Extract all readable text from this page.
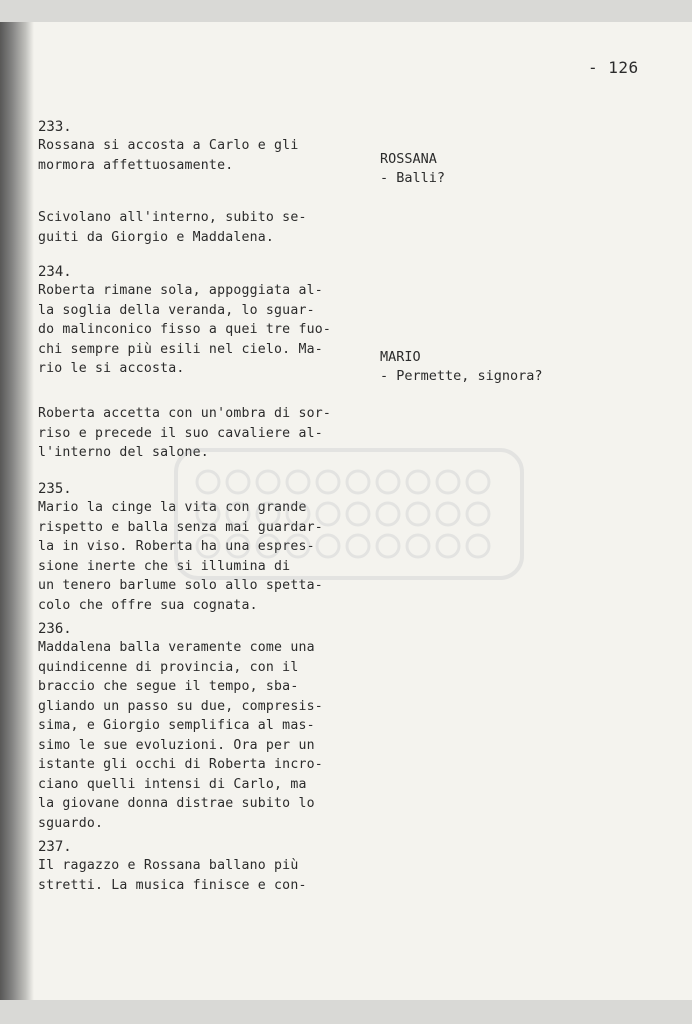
- 126
233.
Rossana si accosta a Carlo e gli
mormora affettuosamente.
Scivolano all'interno, subito se-
guiti da Giorgio e Maddalena.
234.
Roberta rimane sola, appoggiata al-
la soglia della veranda, lo sguar-
do malinconico fisso a quei tre fuo-
chi sempre più esili nel cielo. Ma-
rio le si accosta.
Roberta accetta con un'ombra di sor-
riso e precede il suo cavaliere al-
l'interno del salone.
235.
Mario la cinge la vita con grande
rispetto e balla senza mai guardar-
la in viso. Roberta ha una espres-
sione inerte che si illumina di
un tenero barlume solo allo spetta-
colo che offre sua cognata.
236.
Maddalena balla veramente come una
quindicenne di provincia, con il
braccio che segue il tempo, sba-
gliando un passo su due, compresis-
sima, e Giorgio semplifica al mas-
simo le sue evoluzioni. Ora per un
istante gli occhi di Roberta incro-
ciano quelli intensi di Carlo, ma
la giovane donna distrae subito lo
sguardo.
237.
Il ragazzo e Rossana ballano più
stretti. La musica finisce e con-
ROSSANA
- Balli?
MARIO
- Permette, signora?
